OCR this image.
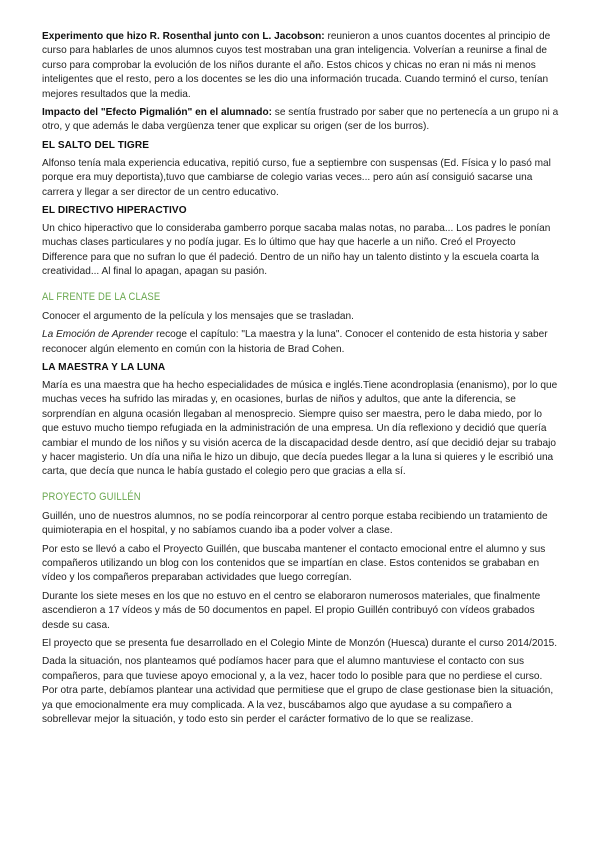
Experimento que hizo R. Rosenthal junto con L. Jacobson: reunieron a unos cuantos docentes al principio de curso para hablarles de unos alumnos cuyos test mostraban una gran inteligencia. Volverían a reunirse a final de curso para comprobar la evolución de los niños durante el año. Estos chicos y chicas no eran ni más ni menos inteligentes que el resto, pero a los docentes se les dio una información trucada. Cuando terminó el curso, tenían mejores resultados que la media.

Impacto del "Efecto Pigmalión" en el alumnado: se sentía frustrado por saber que no pertenecía a un grupo ni a otro, y que además le daba vergüenza tener que explicar su origen (ser de los burros).

EL SALTO DEL TIGRE

Alfonso tenía mala experiencia educativa, repitió curso, fue a septiembre con suspensas (Ed. Física y lo pasó mal porque era muy deportista),tuvo que cambiarse de colegio varias veces... pero aún así consiguió sacarse una carrera y llegar a ser director de un centro educativo.

EL DIRECTIVO HIPERACTIVO

Un chico hiperactivo que lo consideraba gamberro porque sacaba malas notas, no paraba... Los padres le ponían muchas clases particulares y no podía jugar. Es lo último que hay que hacerle a un niño. Creó el Proyecto Difference para que no sufran lo que él padeció. Dentro de un niño hay un talento distinto y la escuela coarta la creatividad... Al final lo apagan, apagan su pasión.

AL FRENTE DE LA CLASE

Conocer el argumento de la película y los mensajes que se trasladan.

La Emoción de Aprender recoge el capítulo: "La maestra y la luna". Conocer el contenido de esta historia y saber reconocer algún elemento en común con la historia de Brad Cohen.

LA MAESTRA Y LA LUNA

María es una maestra que ha hecho especialidades de música e inglés.Tiene acondroplasia (enanismo), por lo que muchas veces ha sufrido las miradas y, en ocasiones, burlas de niños y adultos, que ante la diferencia, se sorprendían en alguna ocasión llegaban al menosprecio. Siempre quiso ser maestra, pero le daba miedo, por lo que estuvo mucho tiempo refugiada en la administración de una empresa. Un día reflexiono y decidió que quería cambiar el mundo de los niños y su visión acerca de la discapacidad desde dentro, así que decidió dejar su trabajo y hacer magisterio. Un día una niña le hizo un dibujo, que decía puedes llegar a la luna si quieres y le escribió una carta, que decía que nunca le había gustado el colegio pero que gracias a ella sí.

PROYECTO GUILLÉN

Guillén, uno de nuestros alumnos, no se podía reincorporar al centro porque estaba recibiendo un tratamiento de quimioterapia en el hospital, y no sabíamos cuando iba a poder volver a clase.

Por esto se llevó a cabo el Proyecto Guillén, que buscaba mantener el contacto emocional entre el alumno y sus compañeros utilizando un blog con los contenidos que se impartían en clase. Estos contenidos se grababan en vídeo y los compañeros preparaban actividades que luego corregían.

Durante los siete meses en los que no estuvo en el centro se elaboraron numerosos materiales, que finalmente ascendieron a 17 vídeos y más de 50 documentos en papel. El propio Guillén contribuyó con vídeos grabados desde su casa.

El proyecto que se presenta fue desarrollado en el Colegio Minte de Monzón (Huesca) durante el curso 2014/2015.

Dada la situación, nos planteamos qué podíamos hacer para que el alumno mantuviese el contacto con sus compañeros, para que tuviese apoyo emocional y, a la vez, hacer todo lo posible para que no perdiese el curso. Por otra parte, debíamos plantear una actividad que permitiese que el grupo de clase gestionase bien la situación, ya que emocionalmente era muy complicada. A la vez, buscábamos algo que ayudase a su compañero a sobrellevar mejor la situación, y todo esto sin perder el carácter formativo de lo que se realizase.
